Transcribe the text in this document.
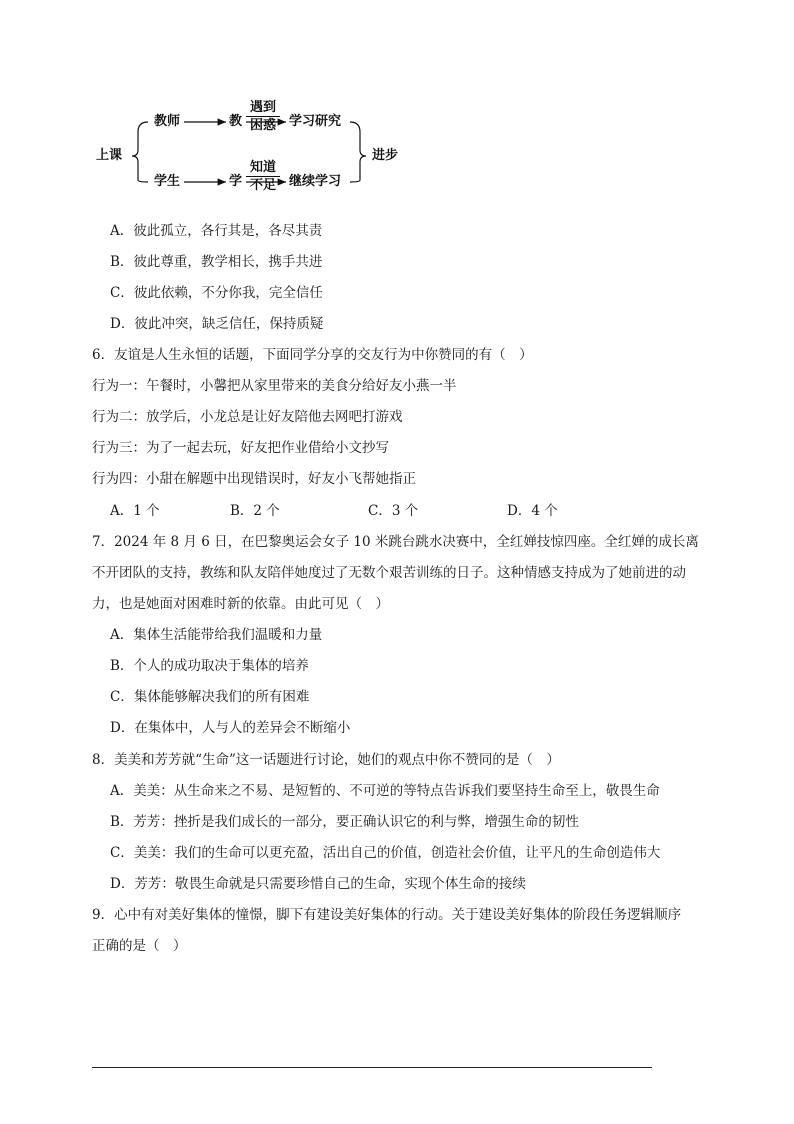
上课	进步
教师	教
遇到
困惑	学习研究
学生	学
知道
不足	继续学习
A．彼此孤立，各行其是，各尽其责
B．彼此尊重，教学相长，携手共进
C．彼此依赖，不分你我，完全信任
D．彼此冲突，缺乏信任，保持质疑
6．友谊是人生永恒的话题，下面同学分享的交友行为中你赞同的有（　）
行为一：午餐时，小馨把从家里带来的美食分给好友小燕一半
行为二：放学后，小龙总是让好友陪他去网吧打游戏
行为三：为了一起去玩，好友把作业借给小文抄写
行为四：小甜在解题中出现错误时，好友小飞帮她指正
A．1 个	B．2 个	C．3 个	D．4 个
7．2024 年 8 月 6 日，在巴黎奥运会女子 10 米跳台跳水决赛中，全红婵技惊四座。全红婵的成长离
不开团队的支持，教练和队友陪伴她度过了无数个艰苦训练的日子。这种情感支持成为了她前进的动
力，也是她面对困难时新的依靠。由此可见（　）
A．集体生活能带给我们温暖和力量
B．个人的成功取决于集体的培养
C．集体能够解决我们的所有困难
D．在集体中，人与人的差异会不断缩小
8．美美和芳芳就“生命”这一话题进行讨论，她们的观点中你不赞同的是（　）
A．美美：从生命来之不易、是短暂的、不可逆的等特点告诉我们要坚持生命至上，敬畏生命
B．芳芳：挫折是我们成长的一部分，要正确认识它的利与弊，增强生命的韧性
C．美美：我们的生命可以更充盈，活出自己的价值，创造社会价值，让平凡的生命创造伟大
D．芳芳：敬畏生命就是只需要珍惜自己的生命，实现个体生命的接续
9．心中有对美好集体的憧憬，脚下有建设美好集体的行动。关于建设美好集体的阶段任务逻辑顺序
正确的是（　）
